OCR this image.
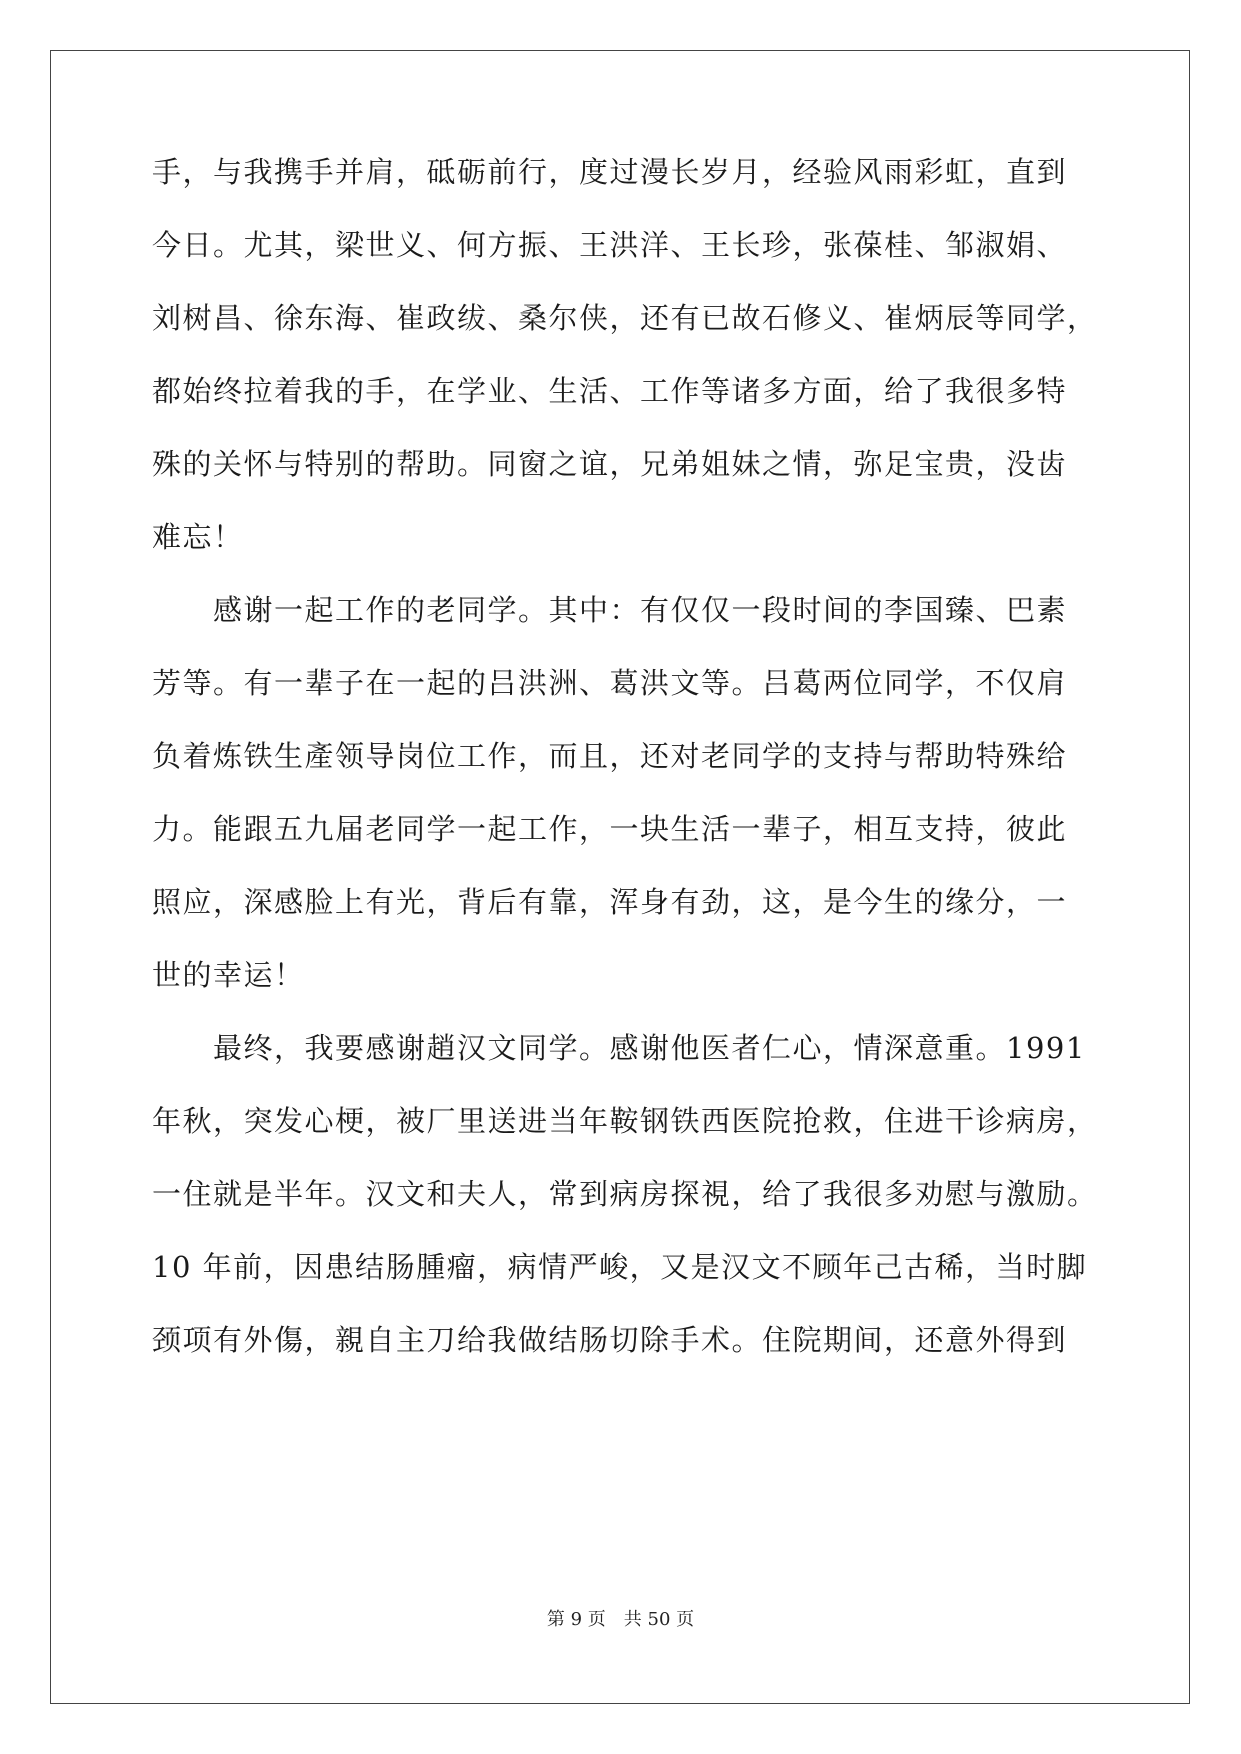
手，与我携手并肩，砥砺前行，度过漫长岁月，经验风雨彩虹，直到
今日。尤其，梁世义、何方振、王洪洋、王长珍，张葆桂、邹淑娟、
刘树昌、徐东海、崔政绂、桑尔侠，还有已故石修义、崔炳辰等同学，
都始终拉着我的手，在学业、生活、工作等诸多方面，给了我很多特
殊的关怀与特别的帮助。同窗之谊，兄弟姐妹之情，弥足宝贵，没齿
难忘！
　　感谢一起工作的老同学。其中：有仅仅一段时间的李国臻、巴素
芳等。有一辈子在一起的吕洪洲、葛洪文等。吕葛两位同学，不仅肩
负着炼铁生產领导岗位工作，而且，还对老同学的支持与帮助特殊给
力。能跟五九届老同学一起工作，一块生活一辈子，相互支持，彼此
照应，深感脸上有光，背后有靠，浑身有劲，这，是今生的缘分，一
世的幸运！
　　最终，我要感谢趙汉文同学。感谢他医者仁心，情深意重。1991
年秋，突发心梗，被厂里送进当年鞍钢铁西医院抢救，住进干诊病房，
一住就是半年。汉文和夫人，常到病房探視，给了我很多劝慰与激励。
10 年前，因患结肠腫瘤，病情严峻，又是汉文不顾年己古稀，当时脚
颈项有外傷，親自主刀给我做结肠切除手术。住院期间，还意外得到
第 9 页　共 50 页
